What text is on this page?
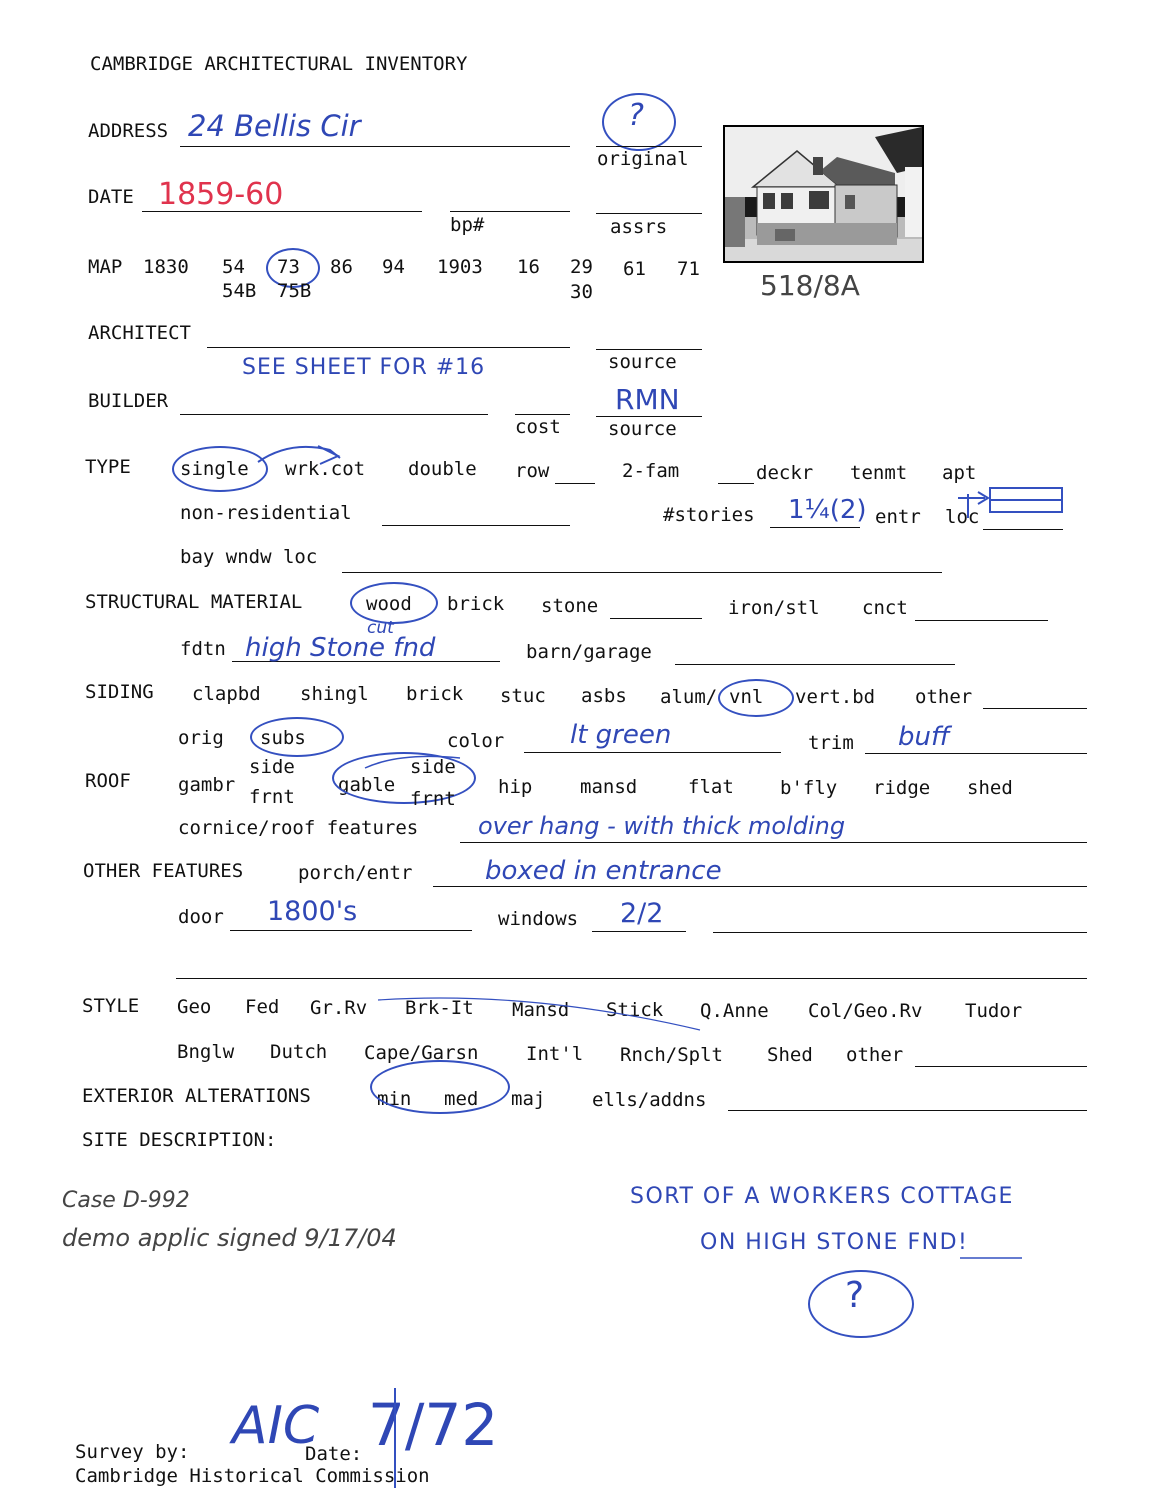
CAMBRIDGE ARCHITECTURAL INVENTORY
ADDRESS 24 Bellis Cir	?
original
518/8A
DATE 1859-60
bp#	assrs
MAP 1830 54 73 86 94 1903 16 29 61 71
54B 75B	30
ARCHITECT
source
SEE SHEET FOR #16
BUILDER
cost
RMN
source
TYPE	single wrk.cot double row	2-fam	deckr tenmt apt
non-residential	#stories 1¼(2) entr loc
bay wndw loc
STRUCTURAL MATERIAL	wood brick stone	iron/stl cnct
fdtn
cut
high Stone fnd	barn/garage
SIDING clapbd shingl brick stuc asbs alum/ vnl vert.bd other
orig subs	color	lt green	trim buff
ROOF gambr
side
frnt
gable
side
frnt
hip	mansd	flat b'fly ridge shed
cornice/roof features over hang - with thick molding
OTHER FEATURES	porch/entr	boxed in entrance
door 1800's	windows 2/2
STYLE Geo Fed Gr.Rv Brk-It Mansd Stick Q.Anne Col/Geo.Rv Tudor
Bnglw Dutch Cape/Garsn	Int'l Rnch/Splt Shed other
EXTERIOR ALTERATIONS	min med maj ells/addns
SITE DESCRIPTION:
Case D-992
demo applic signed 9/17/04
SORT OF A WORKERS COTTAGE
ON HIGH STONE FND!
?
Survey by: AIC
Date: 7/72
Cambridge Historical Commission
